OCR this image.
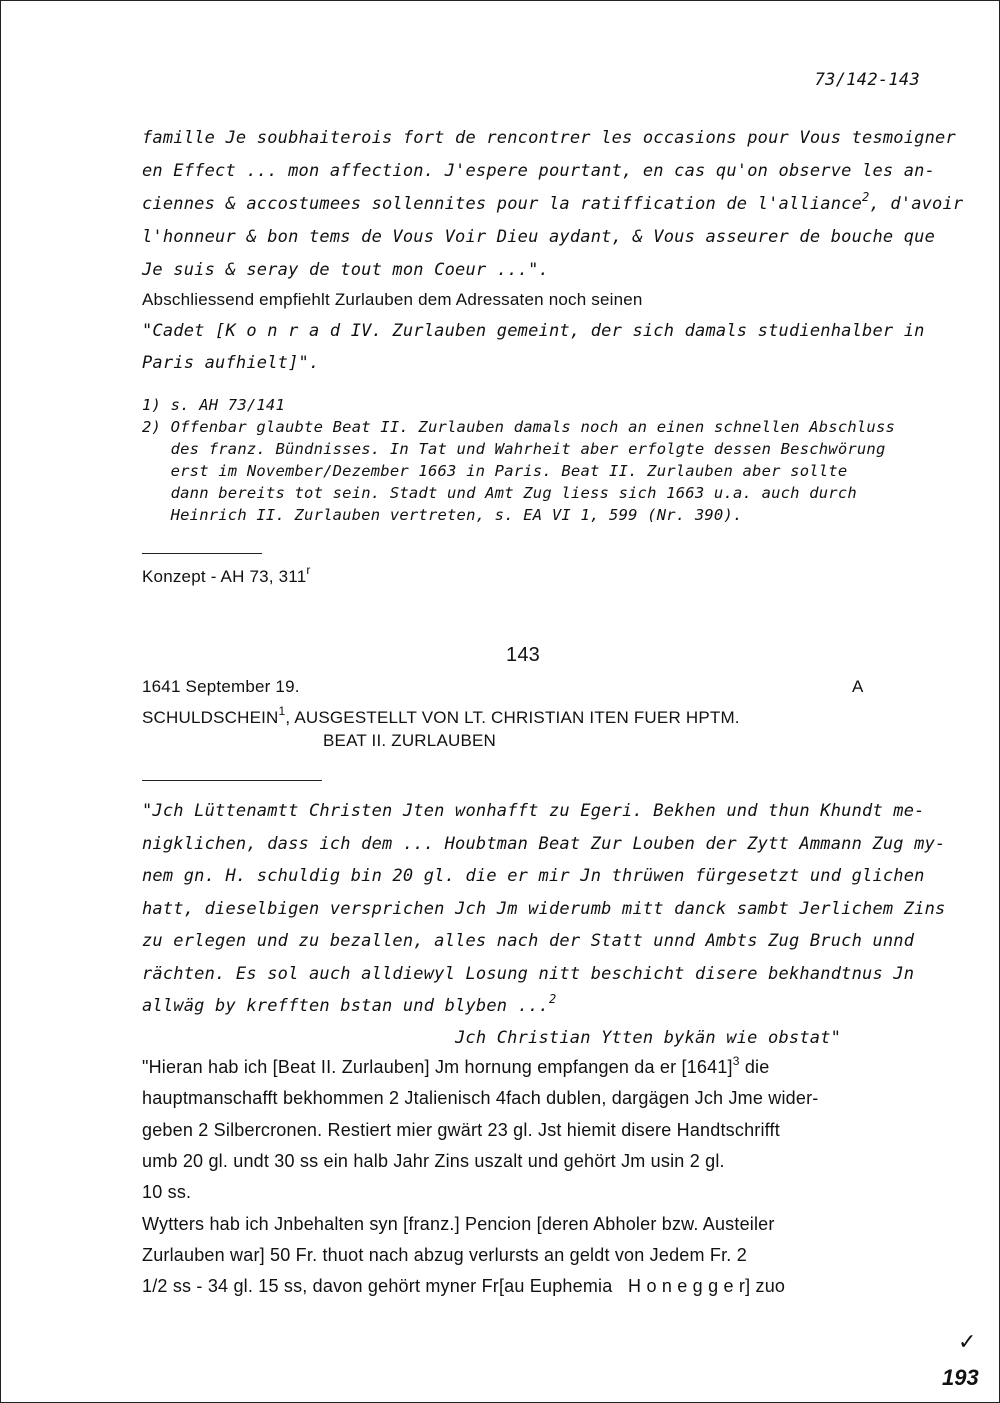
73/142-143
famille Je soubhaiterois fort de rencontrer les occasions pour Vous tesmoigner
en Effect ... mon affection. J'espere pourtant, en cas qu'on observe les an-
ciennes & accostumees sollennites pour la ratiffication de l'alliance$^2$, d'avoir
l'honneur & bon tems de Vous Voir Dieu aydant, & Vous asseurer de bouche que
Je suis & seray de tout mon Coeur ...".
Abschliessend empfiehlt Zurlauben dem Adressaten noch seinen
"Cadet [K o n r a d IV. Zurlauben gemeint, der sich damals studienhalber in
Paris aufhielt]".
1) s. AH 73/141
2) Offenbar glaubte Beat II. Zurlauben damals noch an einen schnellen Abschluss
des franz. Bündnisses. In Tat und Wahrheit aber erfolgte dessen Beschwörung
erst im November/Dezember 1663 in Paris. Beat II. Zurlauben aber sollte
dann bereits tot sein. Stadt und Amt Zug liess sich 1663 u.a. auch durch
Heinrich II. Zurlauben vertreten, s. EA VI 1, 599 (Nr. 390).
Konzept - AH 73, 311$^r$
143
1641 September 19.	A
SCHULDSCHEIN$^1$, AUSGESTELLT VON LT. CHRISTIAN ITEN FUER HPTM.
BEAT II. ZURLAUBEN
"Jch Lüttenamtt Christen Jten wonhafft zu Egeri. Bekhen und thun Khundt me-
nigklichen, dass ich dem ... Houbtman Beat Zur Louben der Zytt Ammann Zug my-
nem gn. H. schuldig bin 20 gl. die er mir Jn thrüwen fürgesetzt und glichen
hatt, dieselbigen versprichen Jch Jm widerumb mitt danck sambt Jerlichem Zins
zu erlegen und zu bezallen, alles nach der Statt unnd Ambts Zug Bruch unnd
rächten. Es sol auch alldiewyl Losung nitt beschicht disere bekhandtnus Jn
allwäg by krefften bstan und blyben ...$^2$
Jch Christian Ytten bykän wie obstat"
"Hieran hab ich [Beat II. Zurlauben] Jm hornung empfangen da er $[1641]^3$ die
hauptmanschafft bekhommen 2 Jtalienisch 4fach dublen, dargägen Jch Jme wider-
geben 2 Silbercronen. Restiert mier gwärt 23 gl. Jst hiemit disere Handtschrifft
umb 20 gl. undt 30 ss ein halb Jahr Zins uszalt und gehört Jm usin 2 gl.
10 ss.
Wytters hab ich Jnbehalten syn [franz.] Pencion [deren Abholer bzw. Austeiler
Zurlauben war] 50 Fr. thuot nach abzug verlursts an geldt von Jedem Fr. 2
1/2 ss - 34 gl. 15 ss, davon gehört myner Fr[au Euphemia   H o n e g g e r] zuo
✓
193
